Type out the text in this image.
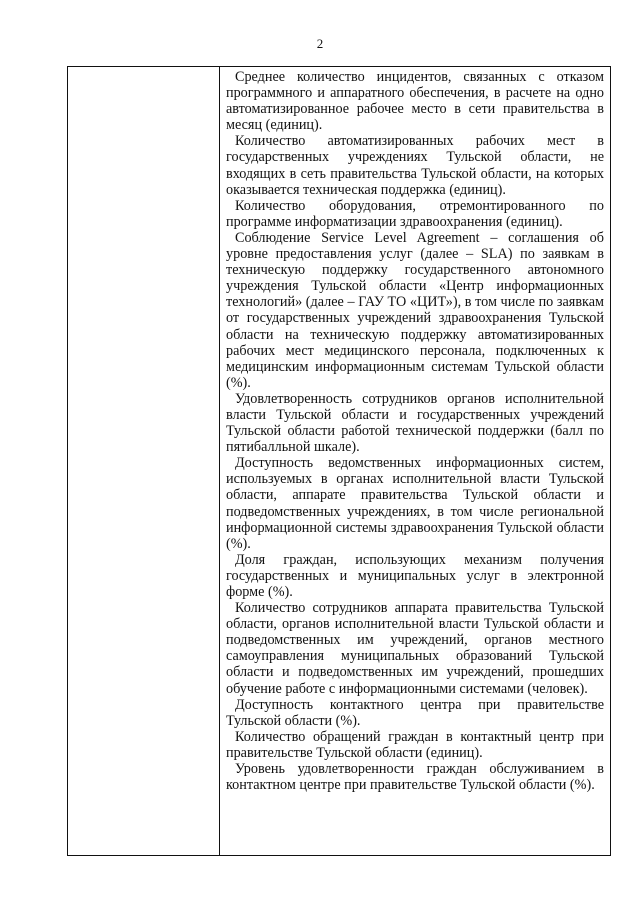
2

Среднее количество инцидентов, связанных с отказом программного и аппаратного обеспечения, в расчете на одно автоматизированное рабочее место в сети правительства в месяц (единиц).

Количество автоматизированных рабочих мест в государственных учреждениях Тульской области, не входящих в сеть правительства Тульской области, на которых оказывается техническая поддержка (единиц).

Количество оборудования, отремонтированного по программе информатизации здравоохранения (единиц).

Соблюдение Service Level Agreement – соглашения об уровне предоставления услуг (далее – SLA) по заявкам в техническую поддержку государственного автономного учреждения Тульской области «Центр информационных технологий» (далее – ГАУ ТО «ЦИТ»), в том числе по заявкам от государственных учреждений здравоохранения Тульской области на техническую поддержку автоматизированных рабочих мест медицинского персонала, подключенных к медицинским информационным системам Тульской области (%).

Удовлетворенность сотрудников органов исполнительной власти Тульской области и государственных учреждений Тульской области работой технической поддержки (балл по пятибалльной шкале).

Доступность ведомственных информационных систем, используемых в органах исполнительной власти Тульской области, аппарате правительства Тульской области и подведомственных учреждениях, в том числе региональной информационной системы здравоохранения Тульской области (%).

Доля граждан, использующих механизм получения государственных и муниципальных услуг в электронной форме (%).

Количество сотрудников аппарата правительства Тульской области, органов исполнительной власти Тульской области и подведомственных им учреждений, органов местного самоуправления муниципальных образований Тульской области и подведомственных им учреждений, прошедших обучение работе с информационными системами (человек).

Доступность контактного центра при правительстве Тульской области (%).

Количество обращений граждан в контактный центр при правительстве Тульской области (единиц).

Уровень удовлетворенности граждан обслуживанием в контактном центре при правительстве Тульской области (%).
